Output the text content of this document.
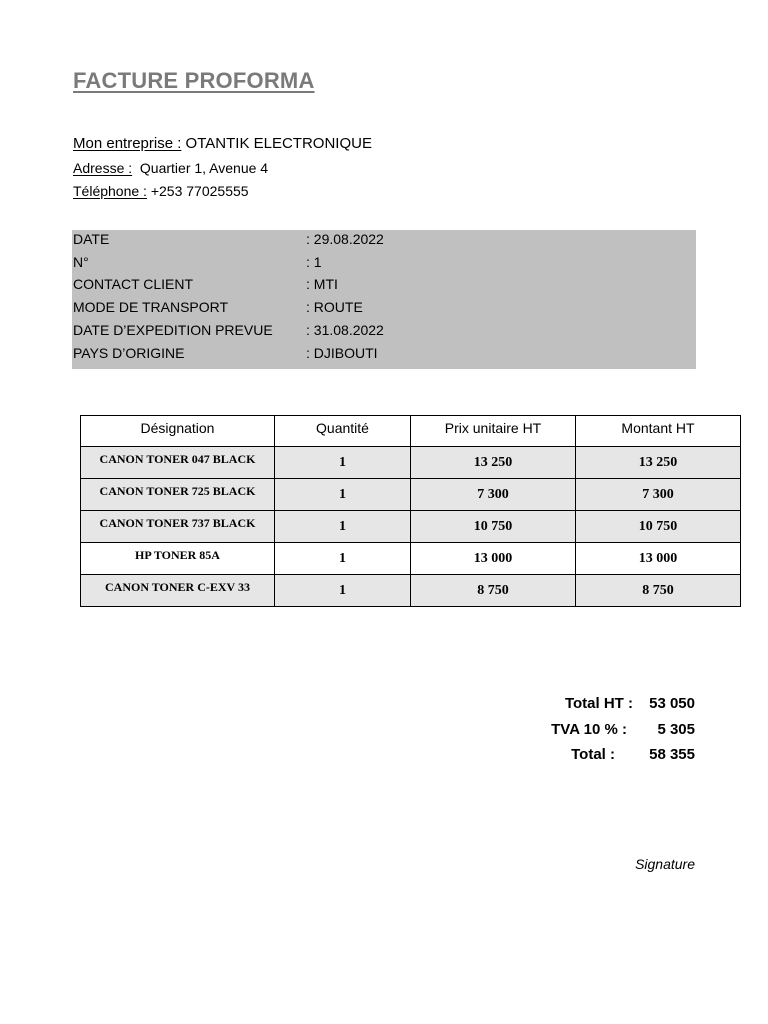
FACTURE PROFORMA
Mon entreprise : OTANTIK ELECTRONIQUE
Adresse :  Quartier 1, Avenue 4
Téléphone : +253 77025555
DATE	: 29.08.2022
N°	: 1
CONTACT CLIENT	: MTI
MODE DE TRANSPORT	: ROUTE
DATE D’EXPEDITION PREVUE : 31.08.2022
PAYS D’ORIGINE	: DJIBOUTI
Désignation	Quantité	Prix unitaire HT	Montant HT
CANON TONER 047 BLACK	1	13 250	13 250
CANON TONER 725 BLACK	1	7 300	7 300
CANON TONER 737 BLACK	1	10 750	10 750
HP TONER 85A	1	13 000	13 000
CANON TONER C-EXV 33	1	8 750	8 750
Total HT : 53 050
TVA 10 % : 5 305
Total : 58 355
Signature
